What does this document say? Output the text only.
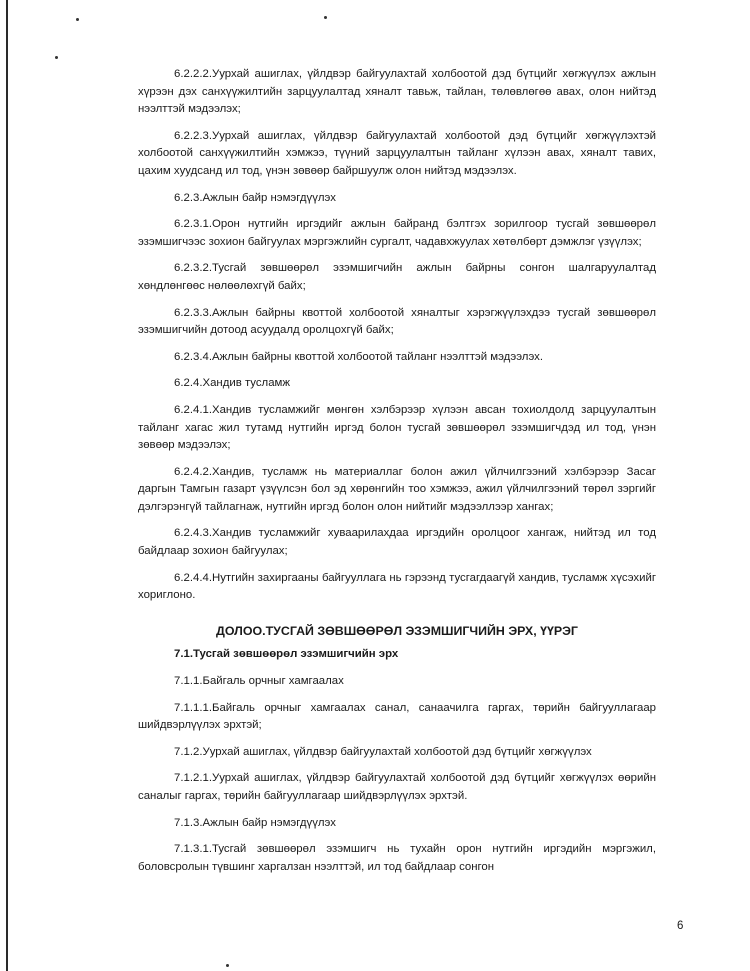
6.2.2.2.Уурхай ашиглах, үйлдвэр байгуулахтай холбоотой дэд бүтцийг хөгжүүлэх ажлын хүрээн дэх санхүүжилтийн зарцуулалтад хяналт тавьж, тайлан, төлөвлөгөө авах, олон нийтэд нээлттэй мэдээлэх;

6.2.2.3.Уурхай ашиглах, үйлдвэр байгуулахтай холбоотой дэд бүтцийг хөгжүүлэхтэй холбоотой санхүүжилтийн хэмжээ, түүний зарцуулалтын тайланг хүлээн авах, хяналт тавих, цахим хуудсанд ил тод, үнэн зөвөөр байршуулж олон нийтэд мэдээлэх.

6.2.3.Ажлын байр нэмэгдүүлэх

6.2.3.1.Орон нутгийн иргэдийг ажлын байранд бэлтгэх зорилгоор тусгай зөвшөөрөл эзэмшигчээс зохион байгуулах мэргэжлийн сургалт, чадавхжуулах хөтөлбөрт дэмжлэг үзүүлэх;

6.2.3.2.Тусгай зөвшөөрөл эзэмшигчийн ажлын байрны сонгон шалгаруулалтад хөндлөнгөөс нөлөөлөхгүй байх;

6.2.3.3.Ажлын байрны квоттой холбоотой хяналтыг хэрэгжүүлэхдээ тусгай зөвшөөрөл эзэмшигчийн дотоод асуудалд оролцохгүй байх;

6.2.3.4.Ажлын байрны квоттой холбоотой тайланг нээлттэй мэдээлэх.

6.2.4.Хандив тусламж

6.2.4.1.Хандив тусламжийг мөнгөн хэлбэрээр хүлээн авсан тохиолдолд зарцуулалтын тайланг хагас жил тутамд нутгийн иргэд болон тусгай зөвшөөрөл эзэмшигчдэд ил тод, үнэн зөвөөр мэдээлэх;

6.2.4.2.Хандив, тусламж нь материаллаг болон ажил үйлчилгээний хэлбэрээр Засаг даргын Тамгын газарт үзүүлсэн бол эд хөрөнгийн тоо хэмжээ, ажил үйлчилгээний төрөл зэргийг дэлгэрэнгүй тайлагнаж, нутгийн иргэд болон олон нийтийг мэдээллээр хангах;

6.2.4.3.Хандив тусламжийг хуваарилахдаа иргэдийн оролцоог хангаж, нийтэд ил тод байдлаар зохион байгуулах;

6.2.4.4.Нутгийн захиргааны байгууллага нь гэрээнд тусгагдаагүй хандив, тусламж хүсэхийг хориглоно.

ДОЛОО.ТУСГАЙ ЗӨВШӨӨРӨЛ ЭЗЭМШИГЧИЙН ЭРХ, ҮҮРЭГ

7.1.Тусгай зөвшөөрөл эзэмшигчийн эрх

7.1.1.Байгаль орчныг хамгаалах

7.1.1.1.Байгаль орчныг хамгаалах санал, санаачилга гаргах, төрийн байгууллагаар шийдвэрлүүлэх эрхтэй;

7.1.2.Уурхай ашиглах, үйлдвэр байгуулахтай холбоотой дэд бүтцийг хөгжүүлэх

7.1.2.1.Уурхай ашиглах, үйлдвэр байгуулахтай холбоотой дэд бүтцийг хөгжүүлэх өөрийн саналыг гаргах, төрийн байгууллагаар шийдвэрлүүлэх эрхтэй.

7.1.3.Ажлын байр нэмэгдүүлэх

7.1.3.1.Тусгай зөвшөөрөл эзэмшигч нь тухайн орон нутгийн иргэдийн мэргэжил, боловсролын түвшинг харгалзан нээлттэй, ил тод байдлаар сонгон

6
